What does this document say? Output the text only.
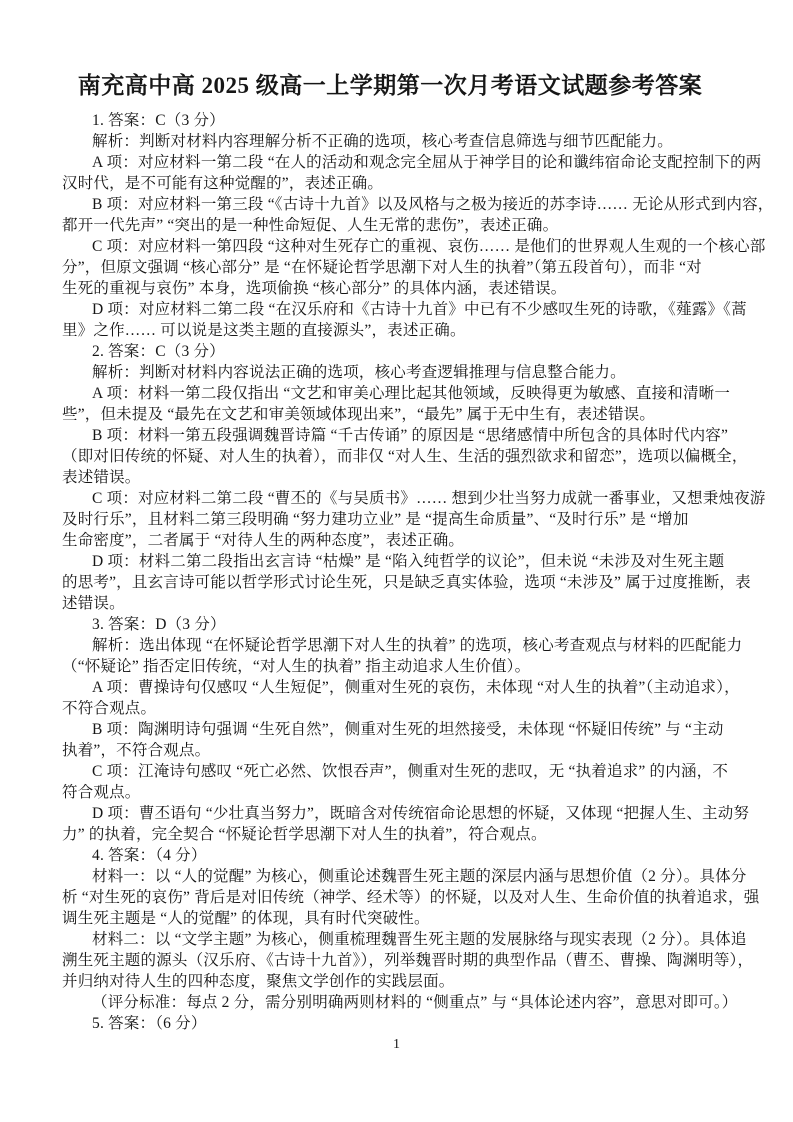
南充高中高 2025 级高一上学期第一次月考语文试题参考答案
1. 答案：C（3 分）
解析：判断对材料内容理解分析不正确的选项，核心考查信息筛选与细节匹配能力。
A 项：对应材料一第二段 “在人的活动和观念完全屈从于神学目的论和谶纬宿命论支配控制下的两
汉时代，是不可能有这种觉醒的”，表述正确。
B 项：对应材料一第三段 “《古诗十九首》以及风格与之极为接近的苏李诗…… 无论从形式到内容，
都开一代先声” “突出的是一种性命短促、人生无常的悲伤”，表述正确。
C 项：对应材料一第四段 “这种对生死存亡的重视、哀伤…… 是他们的世界观人生观的一个核心部
分”，但原文强调 “核心部分” 是 “在怀疑论哲学思潮下对人生的执着”（第五段首句），而非 “对
生死的重视与哀伤” 本身，选项偷换 “核心部分” 的具体内涵，表述错误。
D 项：对应材料二第二段 “在汉乐府和《古诗十九首》中已有不少感叹生死的诗歌，《薤露》《蒿
里》之作…… 可以说是这类主题的直接源头”，表述正确。
2. 答案：C（3 分）
解析：判断对材料内容说法正确的选项，核心考查逻辑推理与信息整合能力。
A 项：材料一第二段仅指出 “文艺和审美心理比起其他领域，反映得更为敏感、直接和清晰一
些”，但未提及 “最先在文艺和审美领域体现出来”，“最先” 属于无中生有，表述错误。
B 项：材料一第五段强调魏晋诗篇 “千古传诵” 的原因是 “思绪感情中所包含的具体时代内容”
（即对旧传统的怀疑、对人生的执着），而非仅 “对人生、生活的强烈欲求和留恋”，选项以偏概全，
表述错误。
C 项：对应材料二第二段 “曹丕的《与吴质书》…… 想到少壮当努力成就一番事业，又想秉烛夜游
及时行乐”，且材料二第三段明确 “努力建功立业” 是 “提高生命质量”、“及时行乐” 是 “增加
生命密度”，二者属于 “对待人生的两种态度”，表述正确。
D 项：材料二第二段指出玄言诗 “枯燥” 是 “陷入纯哲学的议论”，但未说 “未涉及对生死主题
的思考”，且玄言诗可能以哲学形式讨论生死，只是缺乏真实体验，选项 “未涉及” 属于过度推断，表
述错误。
3. 答案：D（3 分）
解析：选出体现 “在怀疑论哲学思潮下对人生的执着” 的选项，核心考查观点与材料的匹配能力
（“怀疑论” 指否定旧传统，“对人生的执着” 指主动追求人生价值）。
A 项：曹操诗句仅感叹 “人生短促”，侧重对生死的哀伤，未体现 “对人生的执着”（主动追求），
不符合观点。
B 项：陶渊明诗句强调 “生死自然”，侧重对生死的坦然接受，未体现 “怀疑旧传统” 与 “主动
执着”，不符合观点。
C 项：江淹诗句感叹 “死亡必然、饮恨吞声”，侧重对生死的悲叹，无 “执着追求” 的内涵，不
符合观点。
D 项：曹丕语句 “少壮真当努力”，既暗含对传统宿命论思想的怀疑，又体现 “把握人生、主动努
力” 的执着，完全契合 “怀疑论哲学思潮下对人生的执着”，符合观点。
4. 答案：（4 分）
材料一：以 “人的觉醒” 为核心，侧重论述魏晋生死主题的深层内涵与思想价值（2 分）。具体分
析 “对生死的哀伤” 背后是对旧传统（神学、经术等）的怀疑，以及对人生、生命价值的执着追求，强
调生死主题是 “人的觉醒” 的体现，具有时代突破性。
材料二：以 “文学主题” 为核心，侧重梳理魏晋生死主题的发展脉络与现实表现（2 分）。具体追
溯生死主题的源头（汉乐府、《古诗十九首》），列举魏晋时期的典型作品（曹丕、曹操、陶渊明等），
并归纳对待人生的四种态度，聚焦文学创作的实践层面。
（评分标准：每点 2 分，需分别明确两则材料的 “侧重点” 与 “具体论述内容”，意思对即可。）
5. 答案：（6 分）
1
